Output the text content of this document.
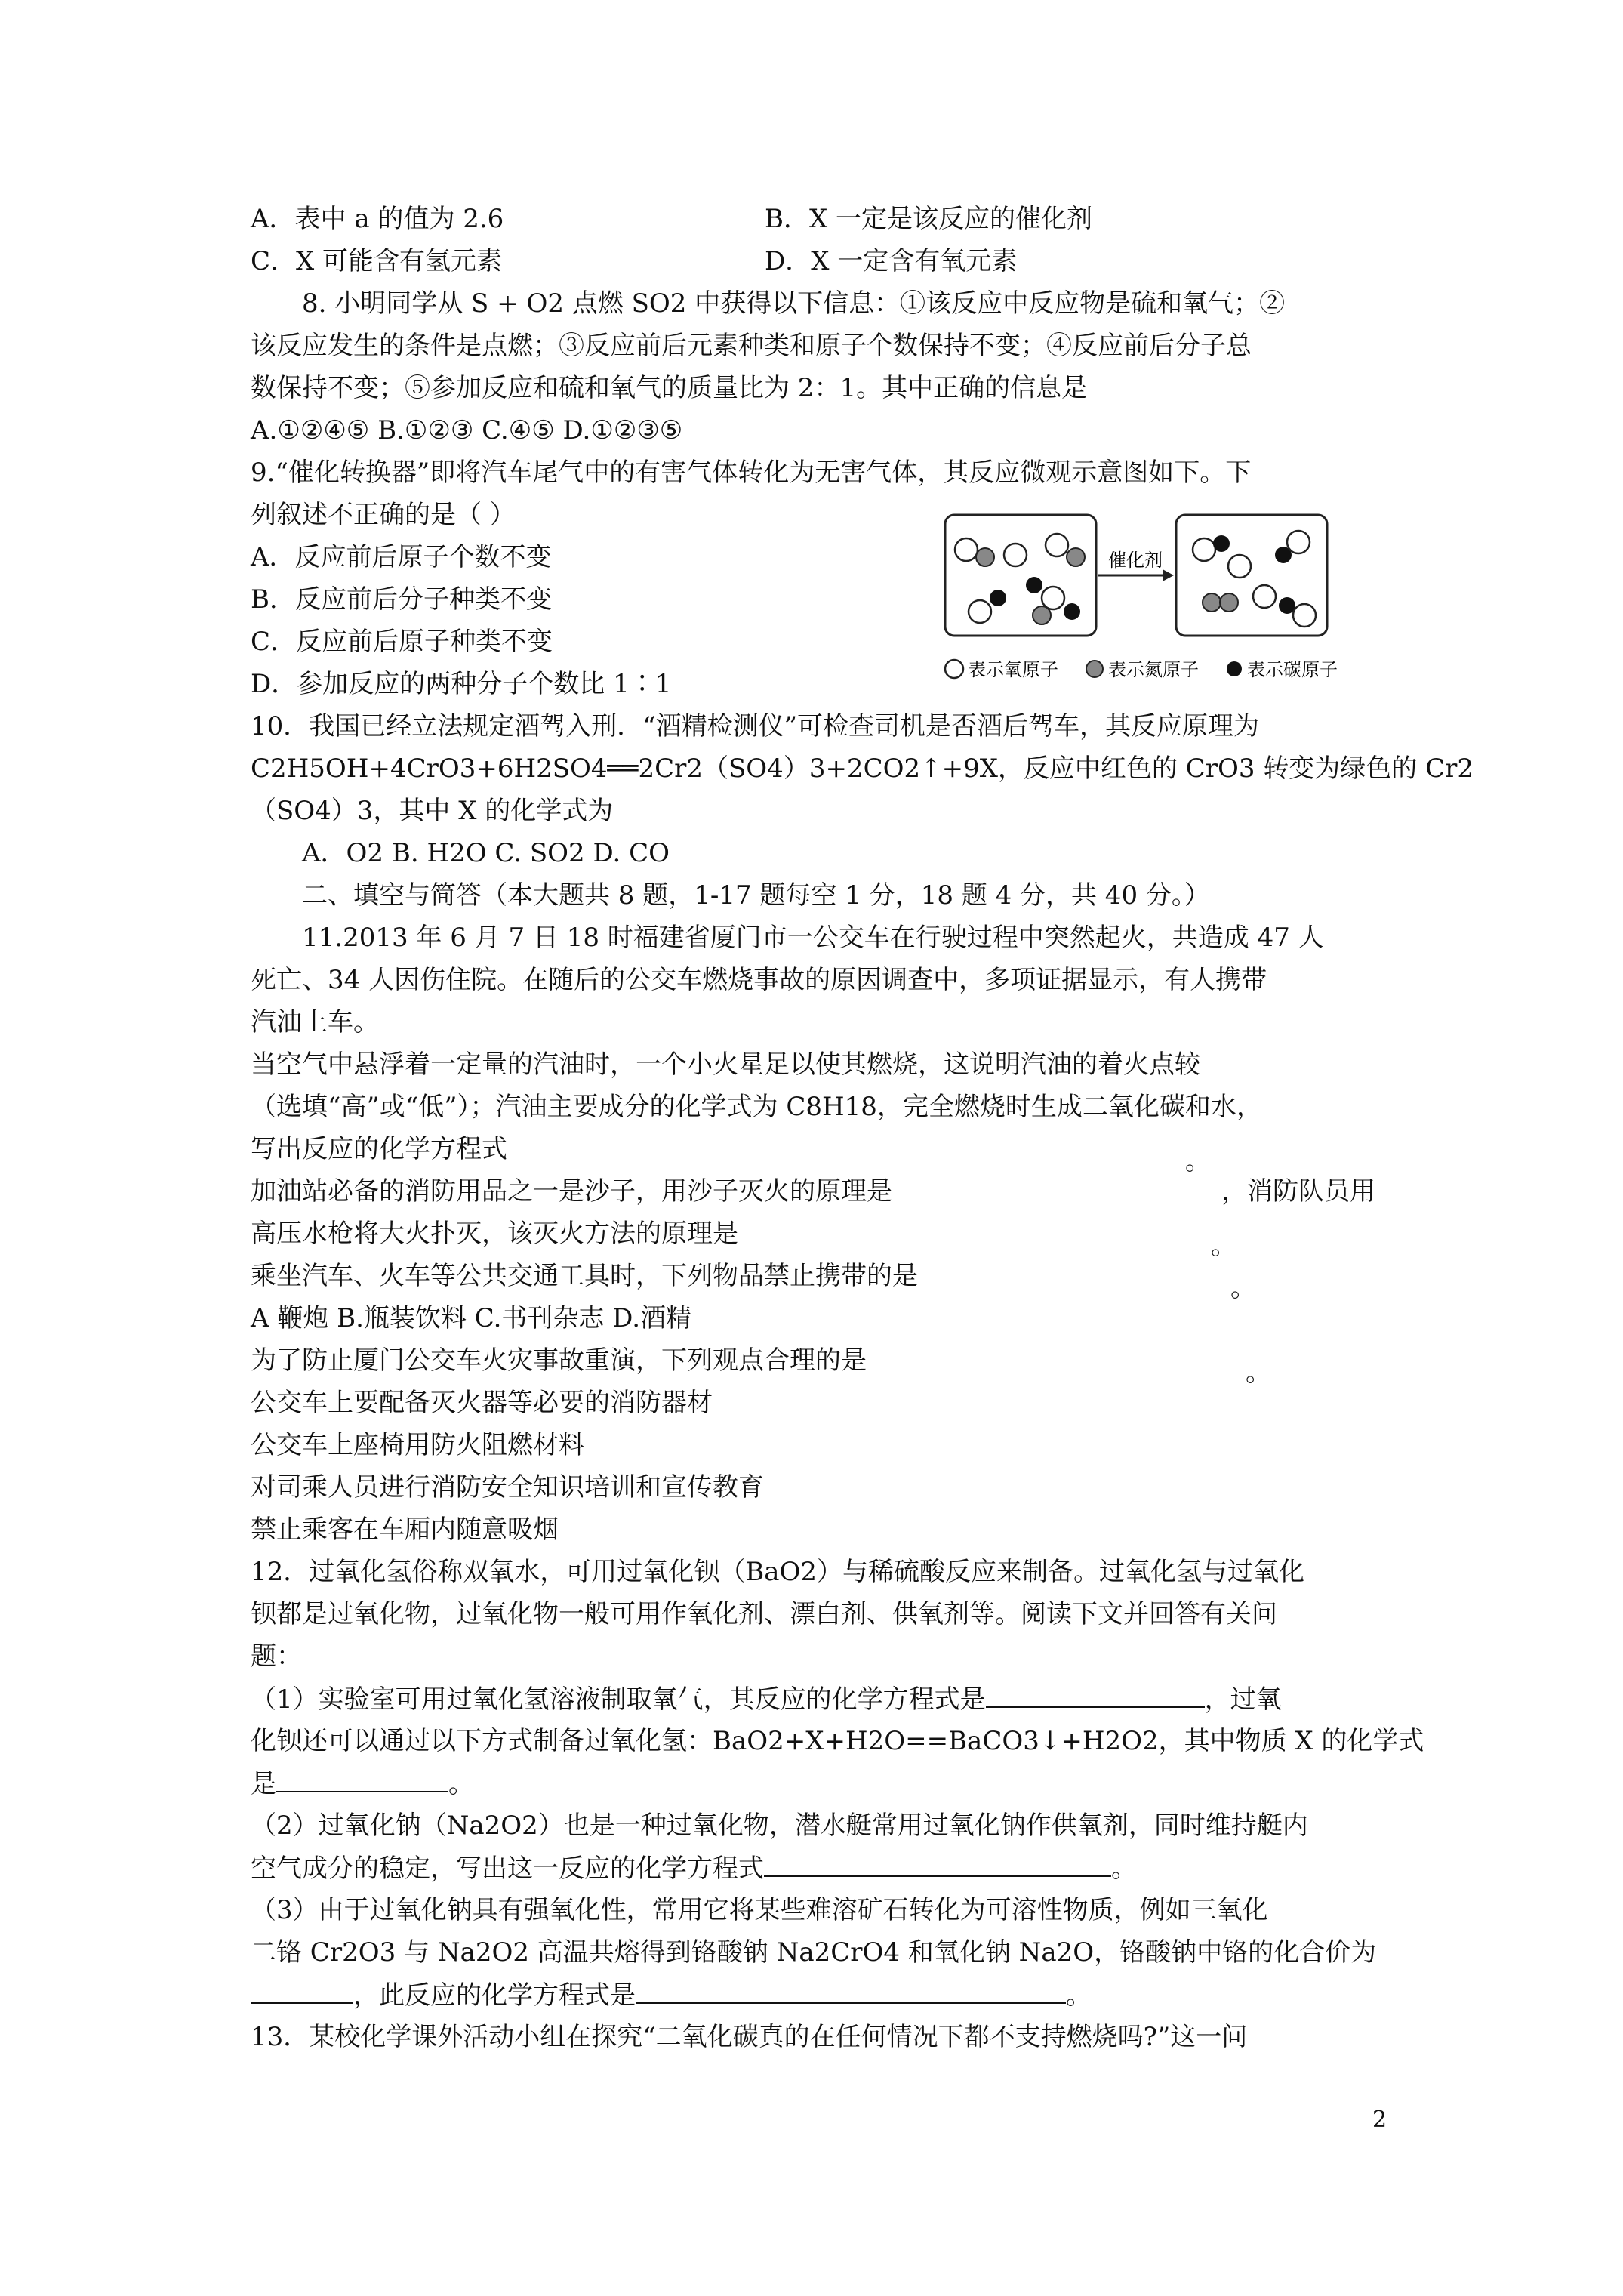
A．表中 a 的值为 2.6	B．X 一定是该反应的催化剂
C．X 可能含有氢元素	D．X 一定含有氧元素
8. 小明同学从 S + O2 点燃 SO2 中获得以下信息：①该反应中反应物是硫和氧气；②
该反应发生的条件是点燃；③反应前后元素种类和原子个数保持不变；④反应前后分子总
数保持不变；⑤参加反应和硫和氧气的质量比为 2：1。其中正确的信息是
A.①②④⑤ B.①②③ C.④⑤ D.①②③⑤
9.“催化转换器”即将汽车尾气中的有害气体转化为无害气体，其反应微观示意图如下。下
列叙述不正确的是（ ）
A．反应前后原子个数不变
B．反应前后分子种类不变
C．反应前后原子种类不变
D．参加反应的两种分子个数比 1∶1
催化剂
表示氧原子	表示氮原子	表示碳原子
10．我国已经立法规定酒驾入刑．“酒精检测仪”可检查司机是否酒后驾车，其反应原理为
C2H5OH+4CrO3+6H2SO4══2Cr2（SO4）3+2CO2↑+9X，反应中红色的 CrO3 转变为绿色的 Cr2
（SO4）3，其中 X 的化学式为
A．O2 B. H2O C. SO2 D. CO
二、填空与简答（本大题共 8 题，1-17 题每空 1 分，18 题 4 分，共 40 分。）
11.2013 年 6 月 7 日 18 时福建省厦门市一公交车在行驶过程中突然起火，共造成 47 人
死亡、34 人因伤住院。在随后的公交车燃烧事故的原因调查中，多项证据显示，有人携带
汽油上车。
当空气中悬浮着一定量的汽油时，一个小火星足以使其燃烧，这说明汽油的着火点较
（选填“高”或“低”）；汽油主要成分的化学式为 C8H18，完全燃烧时生成二氧化碳和水，
写出反应的化学方程式	。
加油站必备的消防用品之一是沙子，用沙子灭火的原理是	，消防队员用
高压水枪将大火扑灭，该灭火方法的原理是	。
乘坐汽车、火车等公共交通工具时，下列物品禁止携带的是	。
A 鞭炮 B.瓶装饮料 C.书刊杂志 D.酒精
为了防止厦门公交车火灾事故重演，下列观点合理的是	。
公交车上要配备灭火器等必要的消防器材
公交车上座椅用防火阻燃材料
对司乘人员进行消防安全知识培训和宣传教育
禁止乘客在车厢内随意吸烟
12．过氧化氢俗称双氧水，可用过氧化钡（BaO2）与稀硫酸反应来制备。过氧化氢与过氧化
钡都是过氧化物，过氧化物一般可用作氧化剂、漂白剂、供氧剂等。阅读下文并回答有关问
题：
（1）实验室可用过氧化氢溶液制取氧气，其反应的化学方程式是	，过氧
化钡还可以通过以下方式制备过氧化氢：BaO2+X+H2O==BaCO3↓+H2O2，其中物质 X 的化学式
是	。
（2）过氧化钠（Na2O2）也是一种过氧化物，潜水艇常用过氧化钠作供氧剂，同时维持艇内
空气成分的稳定，写出这一反应的化学方程式	。
（3）由于过氧化钠具有强氧化性，常用它将某些难溶矿石转化为可溶性物质，例如三氧化
二铬 Cr2O3 与 Na2O2 高温共熔得到铬酸钠 Na2CrO4 和氧化钠 Na2O，铬酸钠中铬的化合价为
，此反应的化学方程式是	。
13．某校化学课外活动小组在探究“二氧化碳真的在任何情况下都不支持燃烧吗?”这一问
2
